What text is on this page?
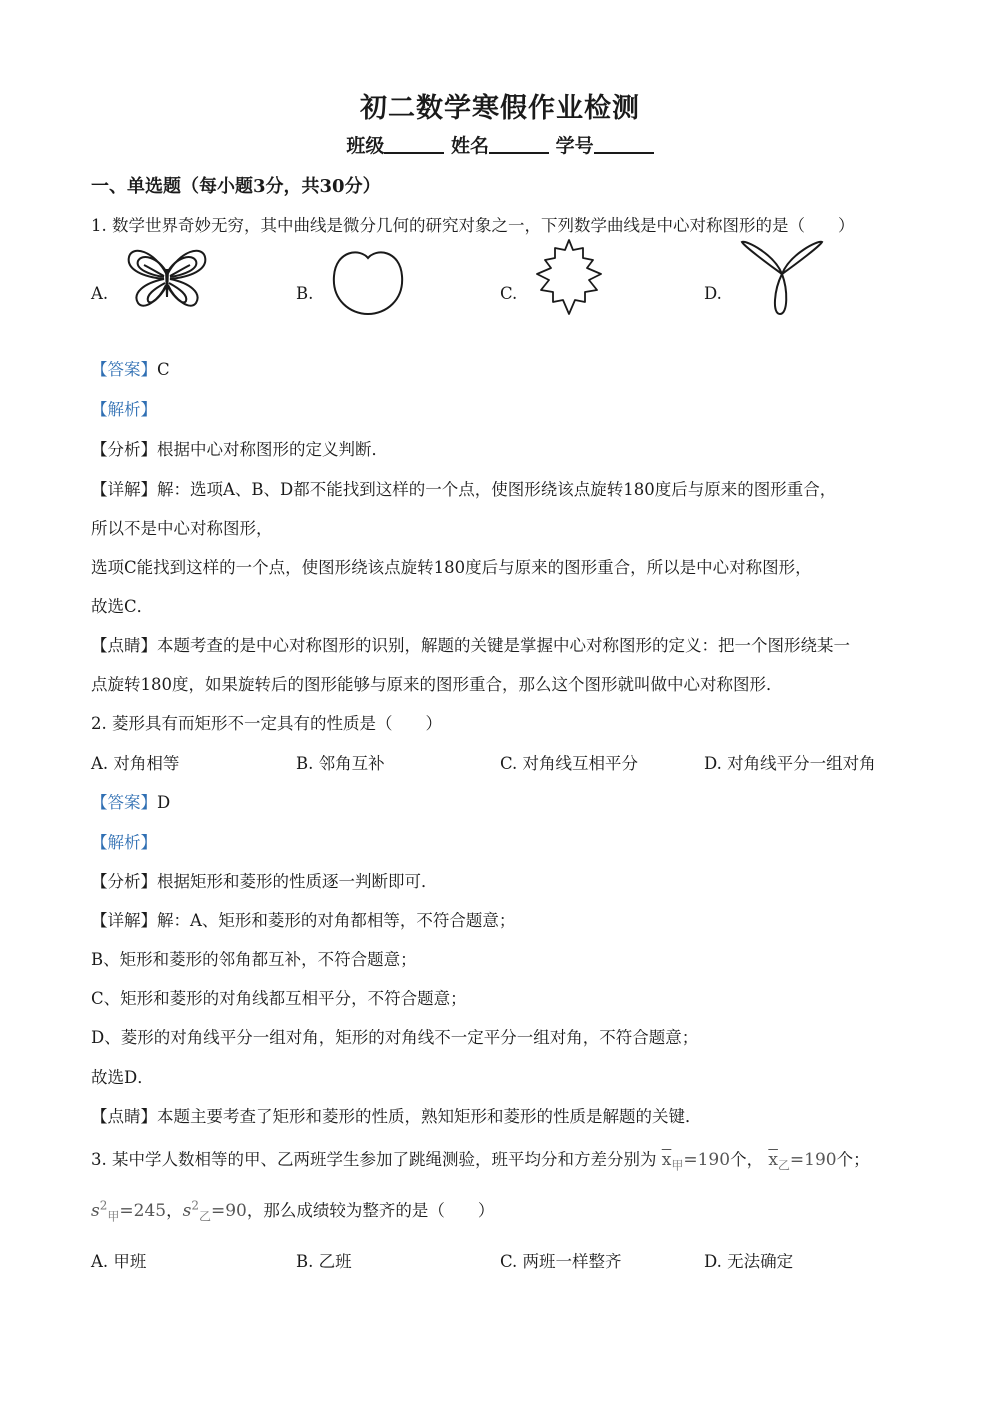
初二数学寒假作业检测
班级	姓名	学号
一、单选题（每小题3分，共30分）
1. 数学世界奇妙无穷，其中曲线是微分几何的研究对象之一，下列数学曲线是中心对称图形的是（　　）
A.	B.	C.	D.
【答案】C
【解析】
【分析】根据中心对称图形的定义判断．
【详解】解：选项A、B、D都不能找到这样的一个点，使图形绕该点旋转180度后与原来的图形重合，
所以不是中心对称图形，
选项C能找到这样的一个点，使图形绕该点旋转180度后与原来的图形重合，所以是中心对称图形，
故选C．
【点睛】本题考查的是中心对称图形的识别，解题的关键是掌握中心对称图形的定义：把一个图形绕某一
点旋转180度，如果旋转后的图形能够与原来的图形重合，那么这个图形就叫做中心对称图形．
2. 菱形具有而矩形不一定具有的性质是（　　）
A. 对角相等	B. 邻角互补	C. 对角线互相平分	D. 对角线平分一组对角
【答案】D
【解析】
【分析】根据矩形和菱形的性质逐一判断即可．
【详解】解：A、矩形和菱形的对角都相等，不符合题意；
B、矩形和菱形的邻角都互补，不符合题意；
C、矩形和菱形的对角线都互相平分，不符合题意；
D、菱形的对角线平分一组对角，矩形的对角线不一定平分一组对角，不符合题意；
故选D．
【点睛】本题主要考查了矩形和菱形的性质，熟知矩形和菱形的性质是解题的关键．
3. 某中学人数相等的甲、乙两班学生参加了跳绳测验，班平均分和方差分别为 $\overline{x}_甲=190$个， $\overline{x}_乙=190$个；
$s^2_甲=245$，$s^2_乙=90$，那么成绩较为整齐的是（　　）
A. 甲班	B. 乙班	C. 两班一样整齐	D. 无法确定
